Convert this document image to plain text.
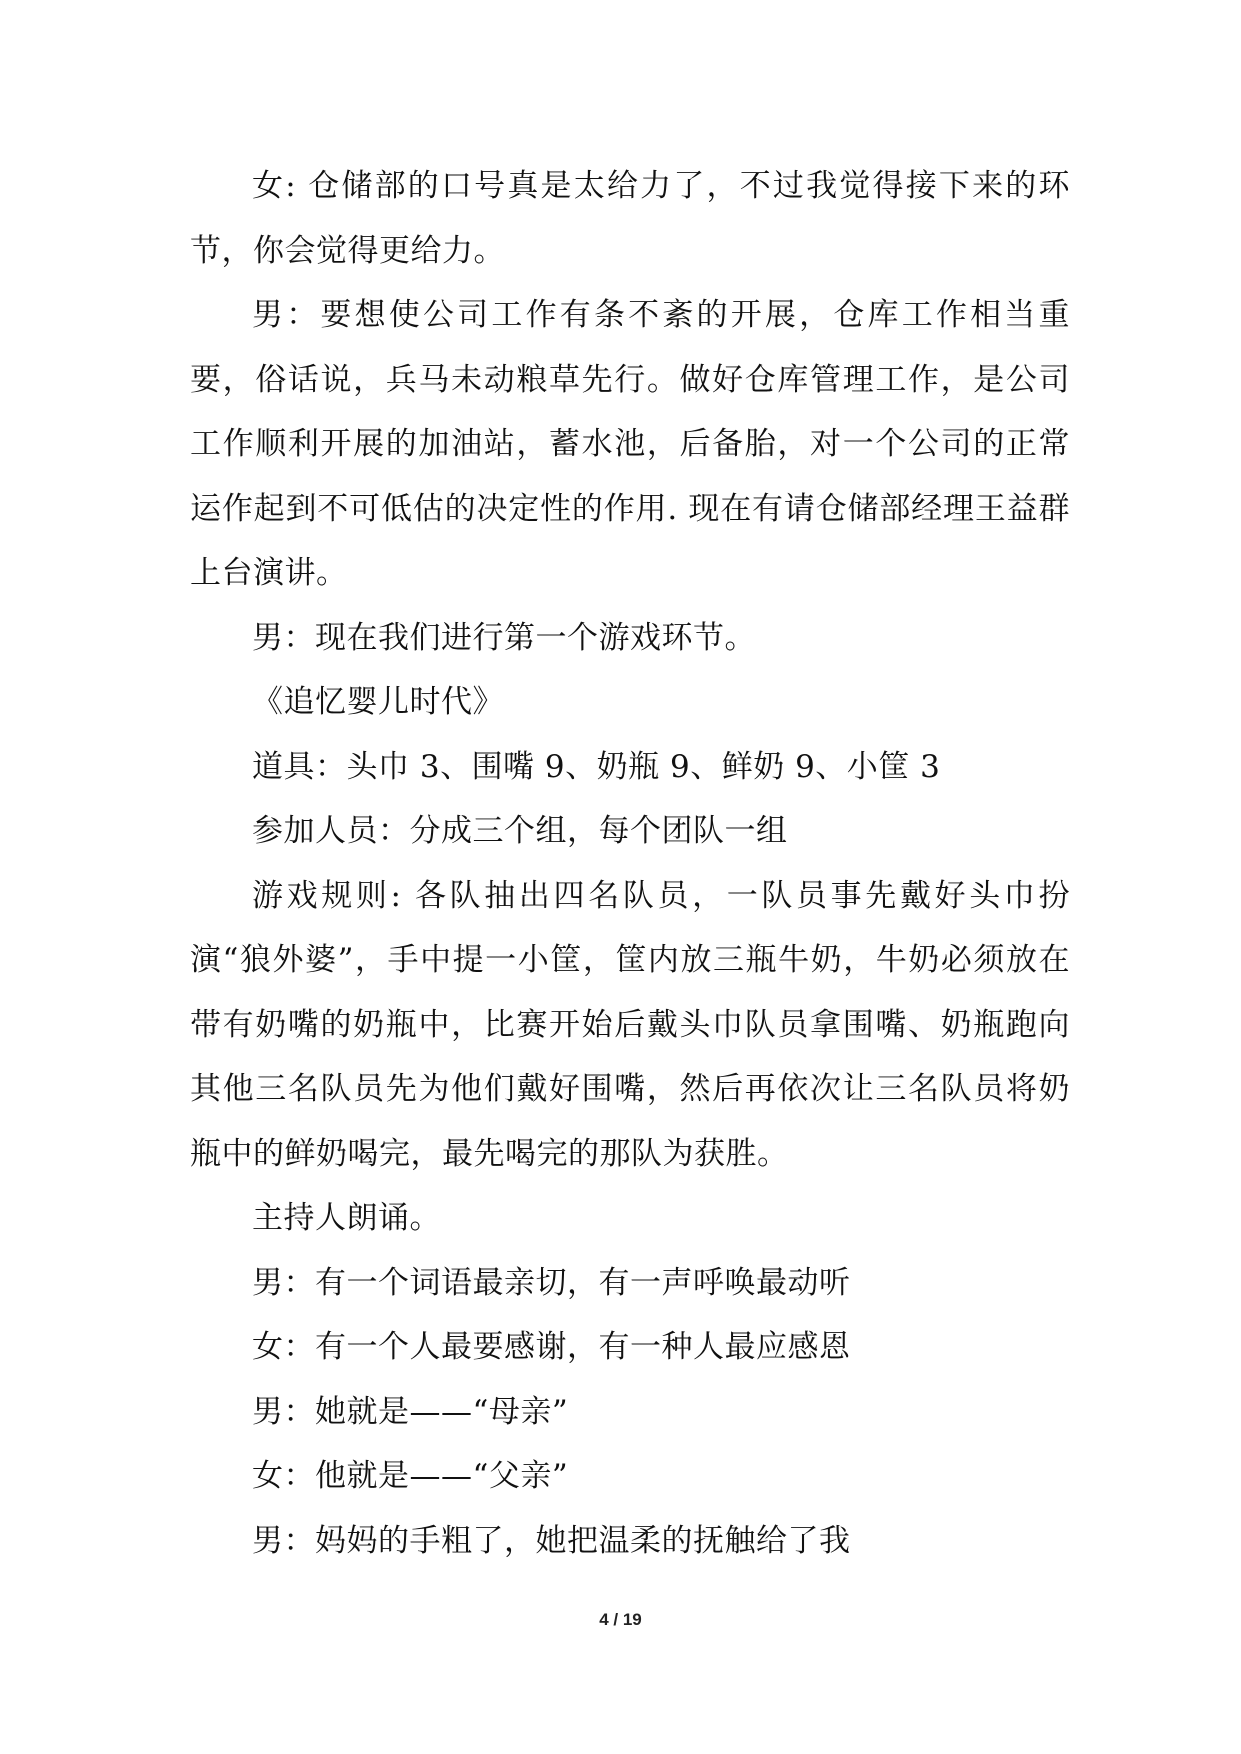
女: 仓储部的口号真是太给力了，不过我觉得接下来的环节，你会觉得更给力。

男：要想使公司工作有条不紊的开展，仓库工作相当重要，俗话说，兵马未动粮草先行。做好仓库管理工作，是公司工作顺利开展的加油站，蓄水池，后备胎，对一个公司的正常运作起到不可低估的决定性的作用. 现在有请仓储部经理王益群上台演讲。

男：现在我们进行第一个游戏环节。

《追忆婴儿时代》

道具：头巾 3、围嘴 9、奶瓶 9、鲜奶 9、小筐 3

参加人员：分成三个组，每个团队一组

游戏规则: 各队抽出四名队员，一队员事先戴好头巾扮演“狼外婆”，手中提一小筐，筐内放三瓶牛奶，牛奶必须放在带有奶嘴的奶瓶中，比赛开始后戴头巾队员拿围嘴、奶瓶跑向其他三名队员先为他们戴好围嘴，然后再依次让三名队员将奶瓶中的鲜奶喝完，最先喝完的那队为获胜。

主持人朗诵。

男：有一个词语最亲切，有一声呼唤最动听

女：有一个人最要感谢，有一种人最应感恩

男：她就是——“母亲”

女：他就是——“父亲”

男：妈妈的手粗了，她把温柔的抚触给了我

4 / 19
